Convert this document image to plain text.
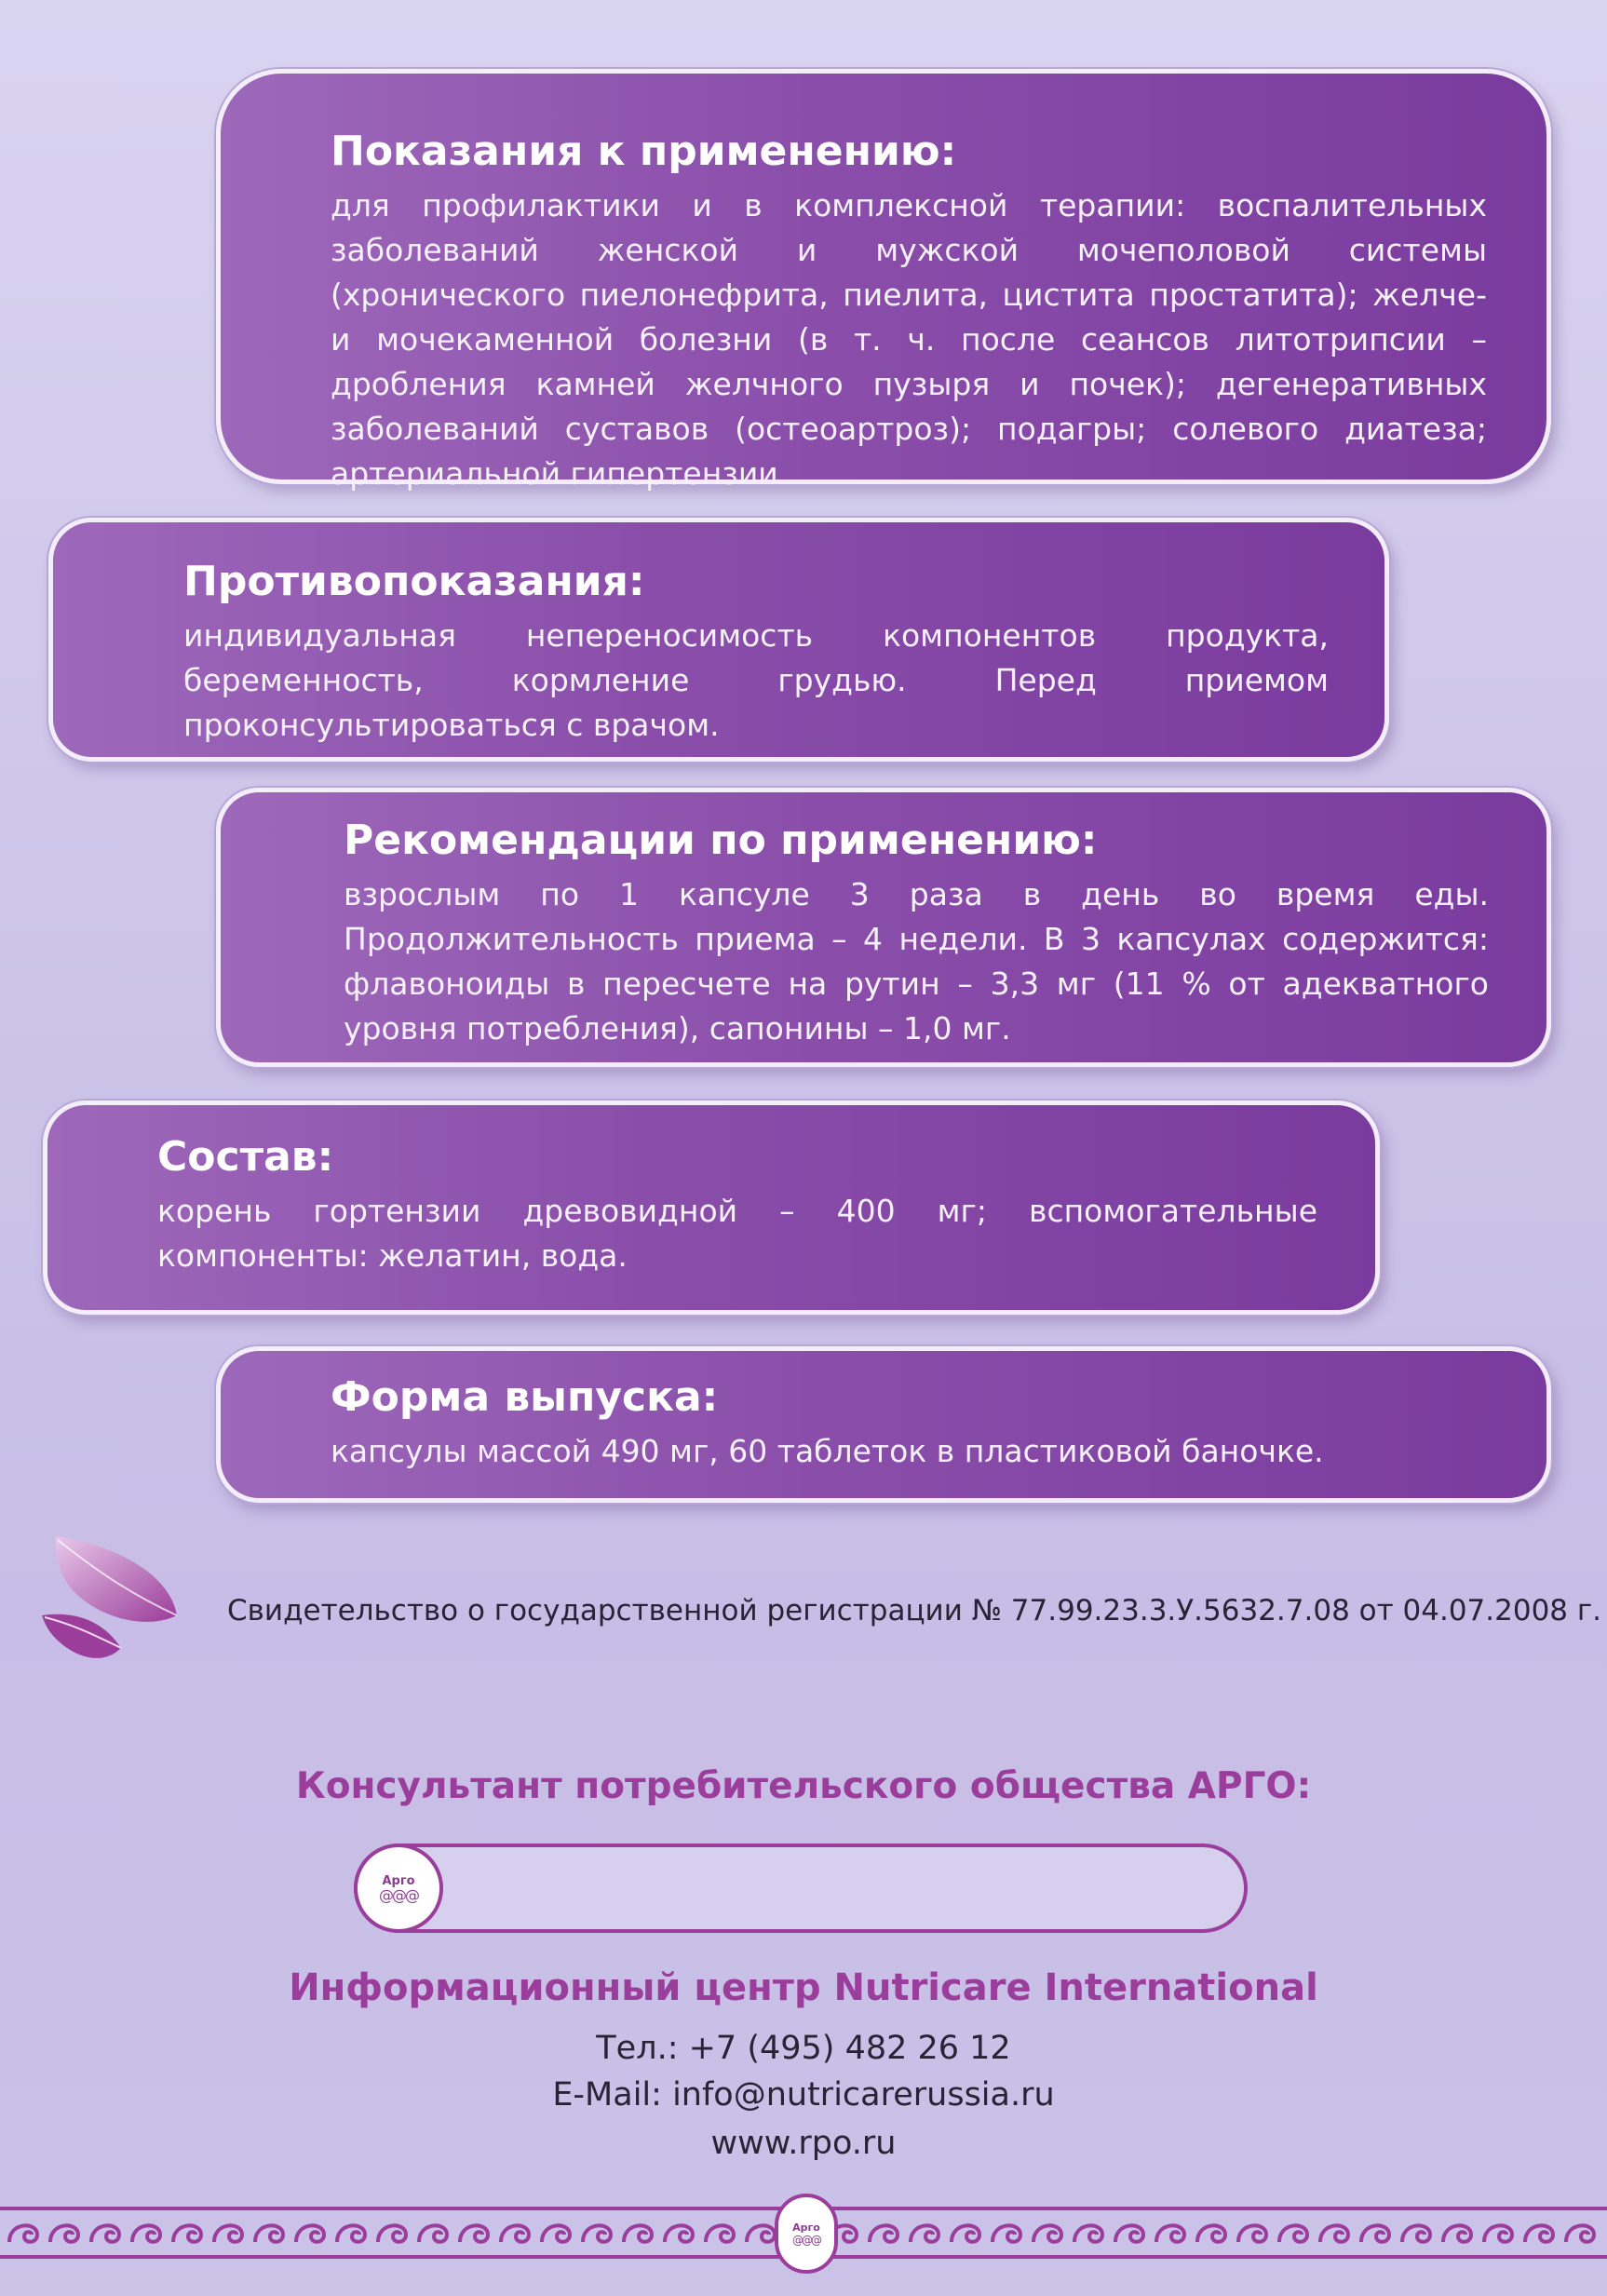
Показания к применению:

для профилактики и в комплексной терапии: воспалительных заболеваний женской и мужской мочеполовой системы (хронического пиелонефрита, пиелита, цистита простатита); желче- и мочекаменной болезни (в т. ч. после сеансов литотрипсии – дробления камней желчного пузыря и почек); дегенеративных заболеваний суставов (остеоартроз); подагры; солевого диатеза; артериальной гипертензии.

Противопоказания:

индивидуальная непереносимость компонентов продукта, беременность, кормление грудью. Перед приемом проконсультироваться с врачом.

Рекомендации по применению:

взрослым по 1 капсуле 3 раза в день во время еды. Продолжительность приема – 4 недели. В 3 капсулах содержится: флавоноиды в пересчете на рутин – 3,3 мг (11 % от адекватного уровня потребления), сапонины – 1,0 мг.

Состав:

корень гортензии древовидной – 400 мг; вспомогательные компоненты: желатин, вода.

Форма выпуска:

капсулы массой 490 мг, 60 таблеток в пластиковой баночке.

Свидетельство о государственной регистрации № 77.99.23.3.У.5632.7.08 от 04.07.2008 г.
Консультант потребительского общества АРГО:
Арго
@@@
Информационный центр Nutricare International
Тел.: +7 (495) 482 26 12
E-Mail: info@nutricarerussia.ru
www.rpo.ru
Арго
@@@
